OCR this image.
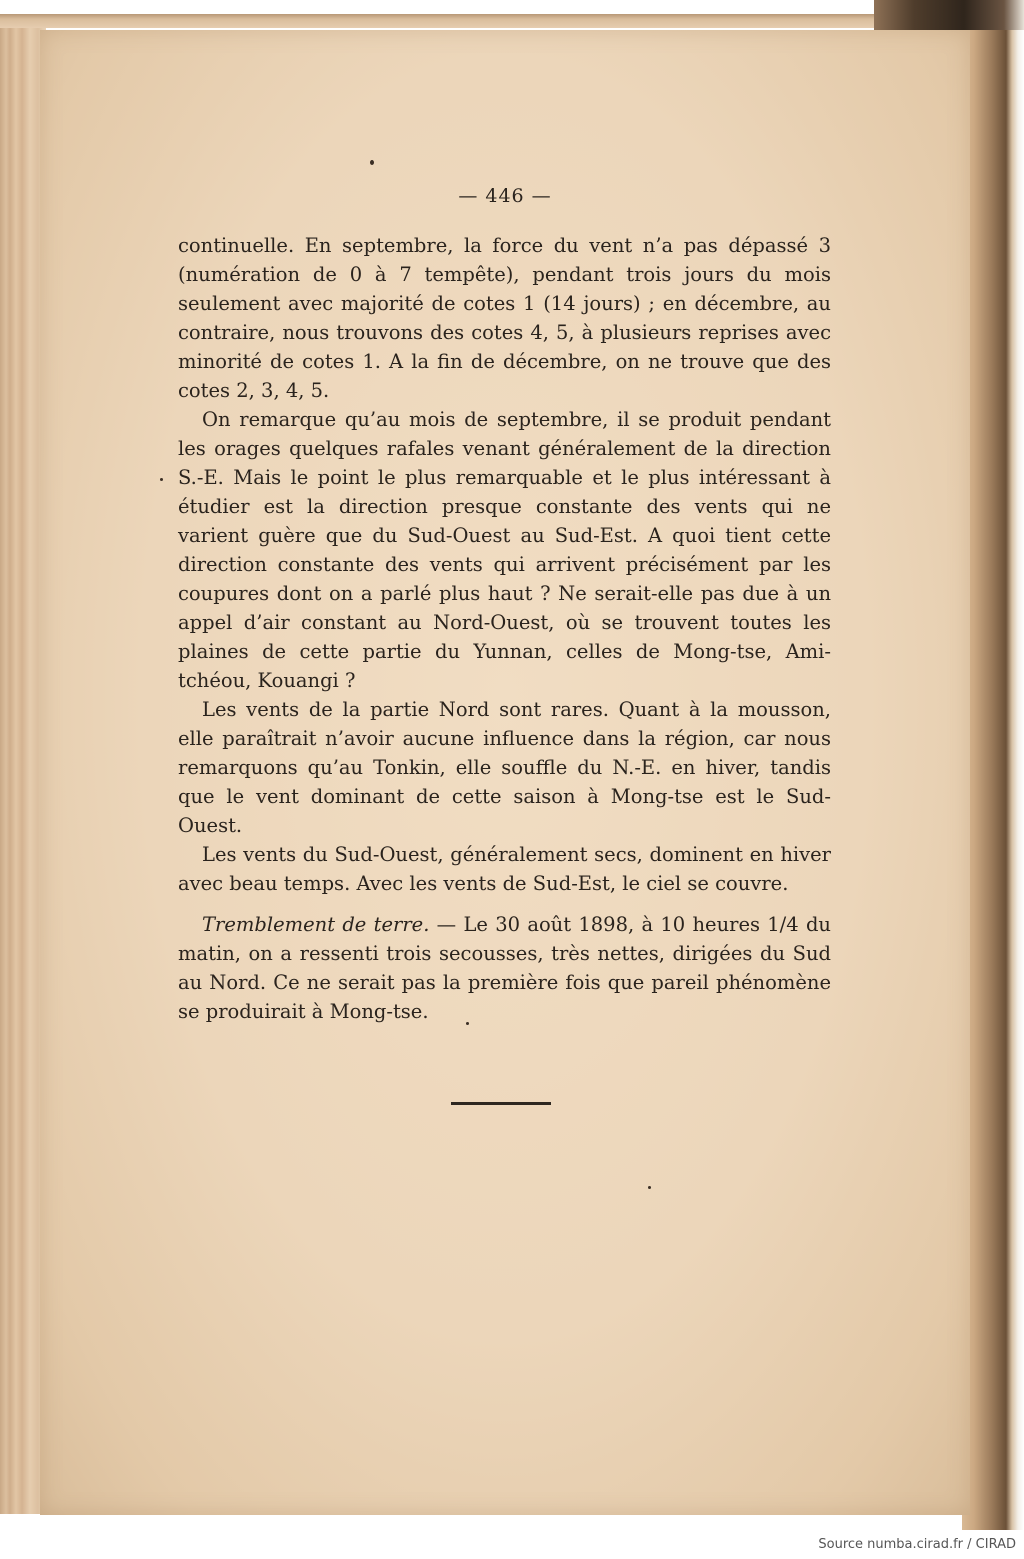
— 446 —

continuelle. En septembre, la force du vent n’a pas dépassé 3 (numération de 0 à 7 tempête), pendant trois jours du mois seulement avec majorité de cotes 1 (14 jours) ; en décembre, au contraire, nous trouvons des cotes 4, 5, à plusieurs reprises avec minorité de cotes 1. A la fin de décembre, on ne trouve que des cotes 2, 3, 4, 5.

On remarque qu’au mois de septembre, il se produit pendant les orages quelques rafales venant généralement de la direction S.-E. Mais le point le plus remarquable et le plus intéressant à étudier est la direction presque constante des vents qui ne varient guère que du Sud-Ouest au Sud-Est. A quoi tient cette direction constante des vents qui arrivent précisément par les coupures dont on a parlé plus haut ? Ne serait-elle pas due à un appel d’air constant au Nord-Ouest, où se trouvent toutes les plaines de cette partie du Yunnan, celles de Mong-tse, Ami-tchéou, Kouangi ?

Les vents de la partie Nord sont rares. Quant à la mousson, elle paraîtrait n’avoir aucune influence dans la région, car nous remarquons qu’au Tonkin, elle souffle du N.-E. en hiver, tandis que le vent dominant de cette saison à Mong-tse est le Sud-Ouest.

Les vents du Sud-Ouest, généralement secs, dominent en hiver avec beau temps. Avec les vents de Sud-Est, le ciel se couvre.

Tremblement de terre. — Le 30 août 1898, à 10 heures 1/4 du matin, on a ressenti trois secousses, très nettes, dirigées du Sud au Nord. Ce ne serait pas la première fois que pareil phénomène se produirait à Mong-tse.

Source numba.cirad.fr / CIRAD
